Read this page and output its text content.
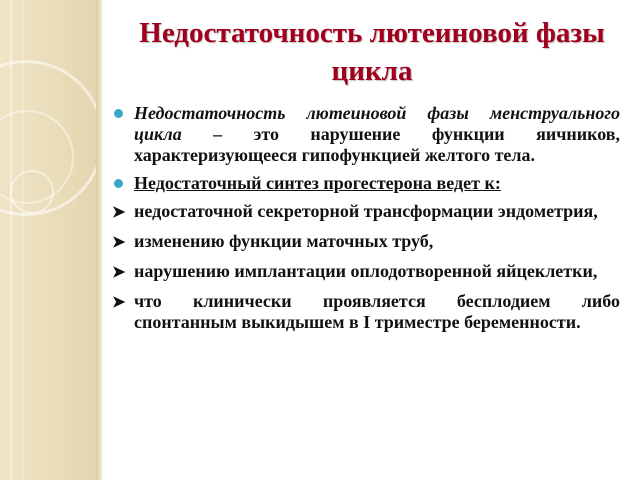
Недостаточность лютеиновой фазы цикла
Недостаточность лютеиновой фазы менструального цикла – это нарушение функции яичников, характеризующееся гипофункцией желтого тела.
Недостаточный синтез прогестерона ведет к:
➤ недостаточной секреторной трансформации эндометрия,
➤ изменению функции маточных труб,
➤ нарушению имплантации оплодотворенной яйцеклетки,
➤ что клинически проявляется бесплодием либо спонтанным выкидышем в I триместре беременности.
